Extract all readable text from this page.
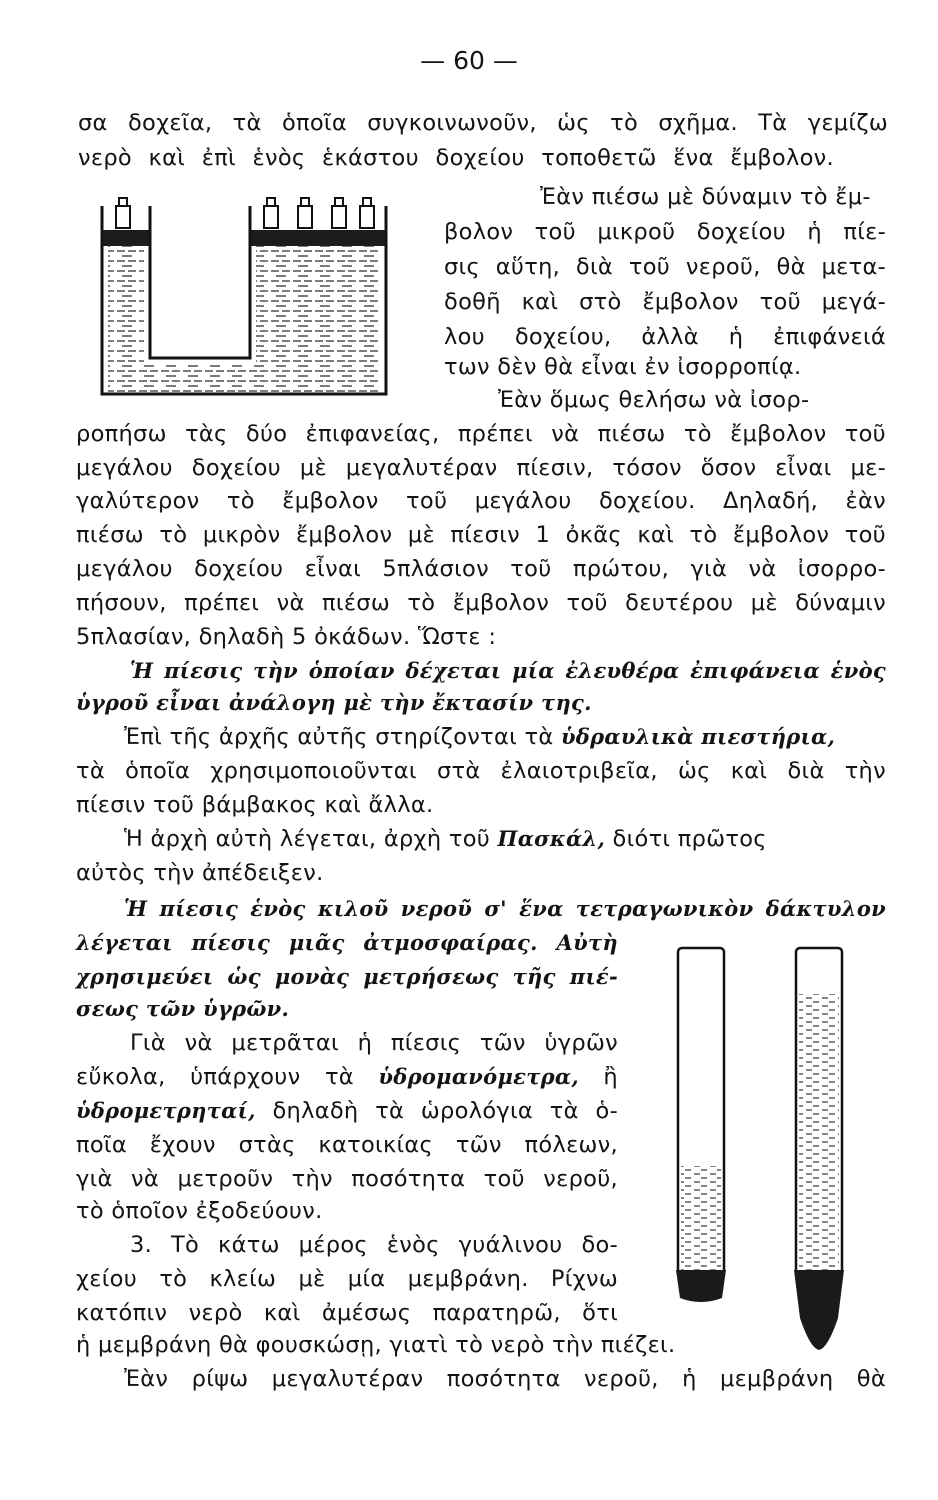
— 60 —
σα δοχεῖα, τὰ ὁποῖα συγκοινωνοῦν, ὡς τὸ σχῆμα. Τὰ γεμίζω
νερὸ καὶ ἐπὶ ἑνὸς ἑκάστου δοχείου τοποθετῶ ἕνα ἔμβολον.
Ἐὰν πιέσω μὲ δύναμιν τὸ ἔμ-
βολον τοῦ μικροῦ δοχείου ἡ πίε-
σις αὕτη, διὰ τοῦ νεροῦ, θὰ μετα-
δοθῆ καὶ στὸ ἔμβολον τοῦ μεγά-
λου δοχείου, ἀλλὰ ἡ ἐπιφάνειά
των δὲν θὰ εἶναι ἐν ἰσορροπίᾳ.
Ἐὰν ὅμως θελήσω νὰ ἰσορ-
ροπήσω τὰς δύο ἐπιφανείας, πρέπει νὰ πιέσω τὸ ἔμβολον τοῦ
μεγάλου δοχείου μὲ μεγαλυτέραν πίεσιν, τόσον ὅσον εἶναι με-
γαλύτερον τὸ ἔμβολον τοῦ μεγάλου δοχείου. Δηλαδή, ἐὰν
πιέσω τὸ μικρὸν ἔμβολον μὲ πίεσιν 1 ὀκᾶς καὶ τὸ ἔμβολον τοῦ
μεγάλου δοχείου εἶναι 5πλάσιον τοῦ πρώτου, γιὰ νὰ ἰσορρο-
πήσουν, πρέπει νὰ πιέσω τὸ ἔμβολον τοῦ δευτέρου μὲ δύναμιν
5πλασίαν, δηλαδὴ 5 ὀκάδων. Ὥστε :
Ἡ πίεσις τὴν ὁποίαν δέχεται μία ἐλευθέρα ἐπιφάνεια ἑνὸς
ὑγροῦ εἶναι ἀνάλογη μὲ τὴν ἔκτασίν της.
Ἐπὶ τῆς ἀρχῆς αὐτῆς στηρίζονται τὰ ὑδραυλικὰ πιεστήρια,
τὰ ὁποῖα χρησιμοποιοῦνται στὰ ἐλαιοτριβεῖα, ὡς καὶ διὰ τὴν
πίεσιν τοῦ βάμβακος καὶ ἄλλα.
Ἡ ἀρχὴ αὐτὴ λέγεται, ἀρχὴ τοῦ Πασκάλ, διότι πρῶτος
αὐτὸς τὴν ἀπέδειξεν.
Ἡ πίεσις ἑνὸς κιλοῦ νεροῦ σ' ἕνα τετραγωνικὸν δάκτυλον
λέγεται πίεσις μιᾶς ἀτμοσφαίρας. Αὐτὴ
χρησιμεύει ὡς μονὰς μετρήσεως τῆς πιέ-
σεως τῶν ὑγρῶν.
Γιὰ νὰ μετρᾶται ἡ πίεσις τῶν ὑγρῶν
εὔκολα, ὑπάρχουν τὰ ὑδρομανόμετρα, ἢ
ὑδρομετρηταί, δηλαδὴ τὰ ὡρολόγια τὰ ὁ-
ποῖα ἔχουν στὰς κατοικίας τῶν πόλεων,
γιὰ νὰ μετροῦν τὴν ποσότητα τοῦ νεροῦ,
τὸ ὁποῖον ἐξοδεύουν.
3. Τὸ κάτω μέρος ἑνὸς γυάλινου δο-
χείου τὸ κλείω μὲ μία μεμβράνη. Ρίχνω
κατόπιν νερὸ καὶ ἀμέσως παρατηρῶ, ὅτι
ἡ μεμβράνη θὰ φουσκώσῃ, γιατὶ τὸ νερὸ τὴν πιέζει.
Ἐὰν ρίψω μεγαλυτέραν ποσότητα νεροῦ, ἡ μεμβράνη θὰ
